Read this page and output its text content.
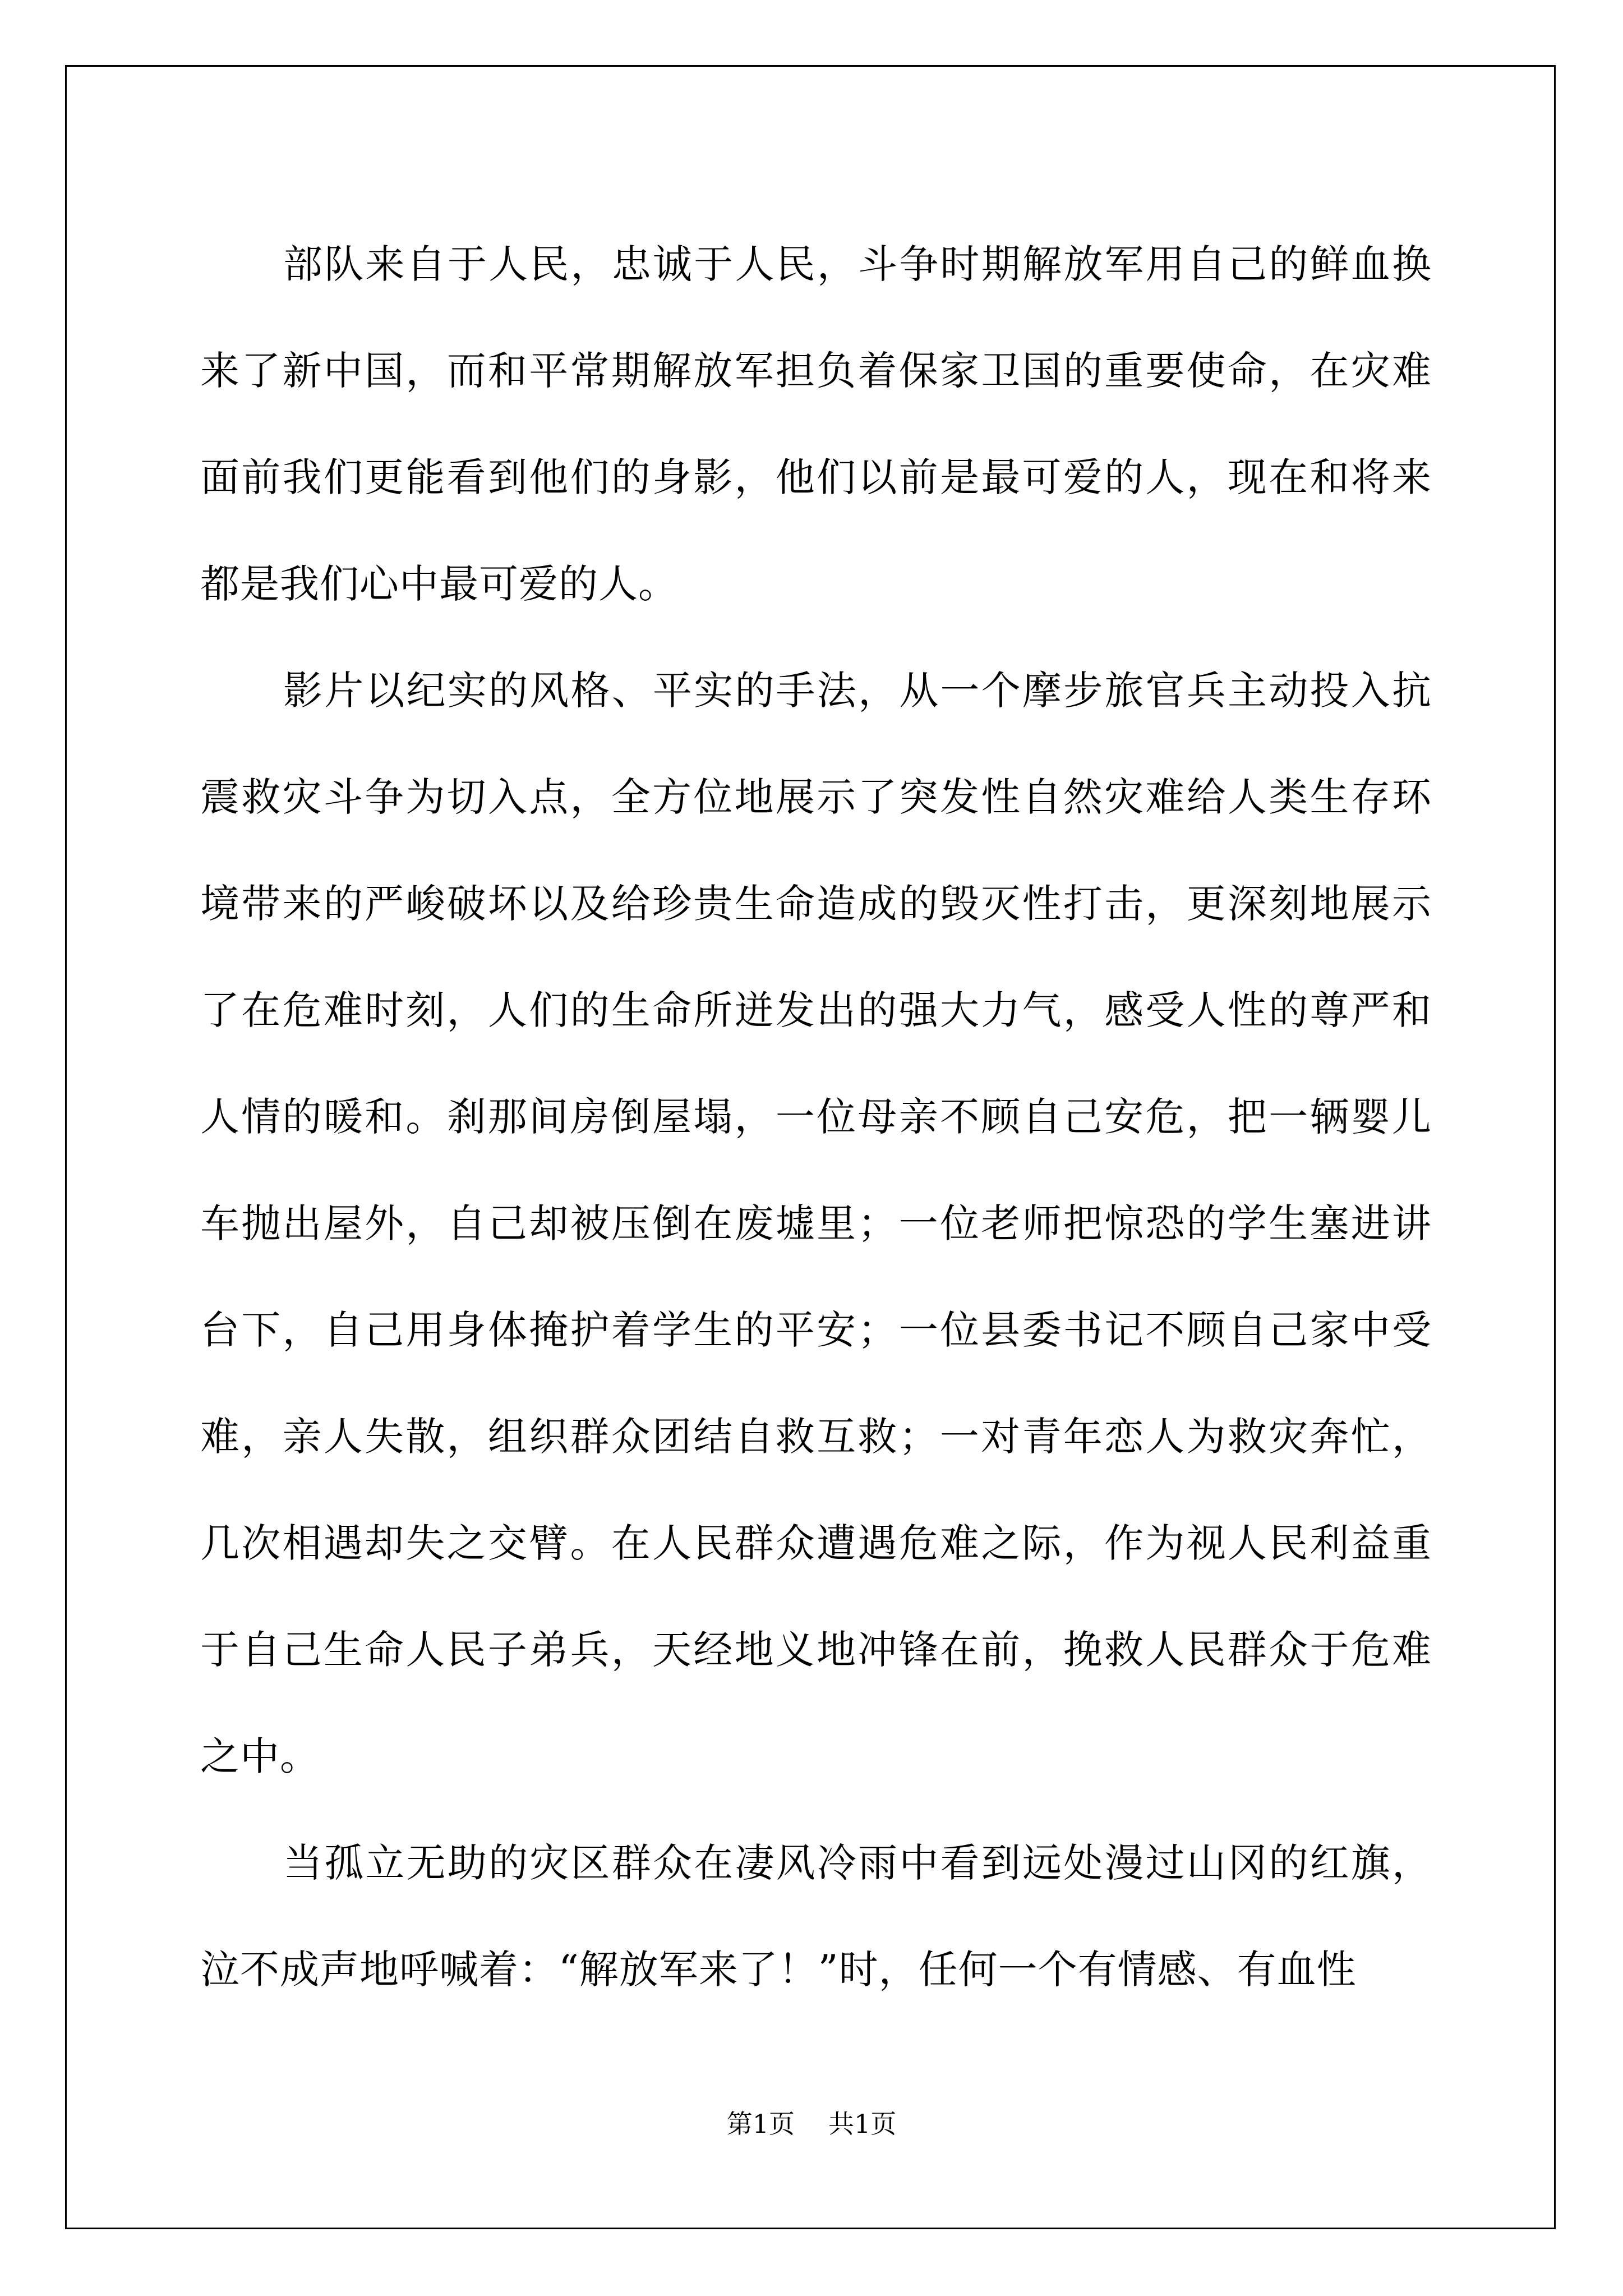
部队来自于人民，忠诚于人民，斗争时期解放军用自己的鲜血换来了新中国，而和平常期解放军担负着保家卫国的重要使命，在灾难面前我们更能看到他们的身影，他们以前是最可爱的人，现在和将来都是我们心中最可爱的人。

影片以纪实的风格、平实的手法，从一个摩步旅官兵主动投入抗震救灾斗争为切入点，全方位地展示了突发性自然灾难给人类生存环境带来的严峻破坏以及给珍贵生命造成的毁灭性打击，更深刻地展示了在危难时刻，人们的生命所迸发出的强大力气，感受人性的尊严和人情的暖和。刹那间房倒屋塌，一位母亲不顾自己安危，把一辆婴儿车抛出屋外，自己却被压倒在废墟里；一位老师把惊恐的学生塞进讲台下，自己用身体掩护着学生的平安；一位县委书记不顾自己家中受难，亲人失散，组织群众团结自救互救；一对青年恋人为救灾奔忙，几次相遇却失之交臂。在人民群众遭遇危难之际，作为视人民利益重于自己生命人民子弟兵，天经地义地冲锋在前，挽救人民群众于危难之中。

当孤立无助的灾区群众在凄风冷雨中看到远处漫过山冈的红旗，泣不成声地呼喊着：“解放军来了！”时，任何一个有情感、有血性

第1页 共1页
